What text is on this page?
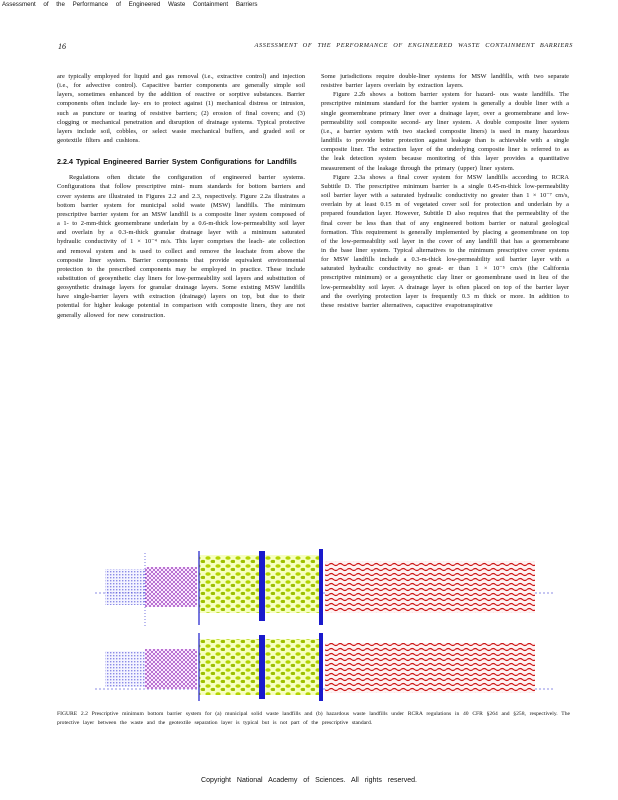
Assessment of the Performance of Engineered Waste Containment Barriers
16	ASSESSMENT OF THE PERFORMANCE OF ENGINEERED WASTE CONTAINMENT BARRIERS

are typically employed for liquid and gas removal (i.e., extractive control) and injection (i.e., for advective control). Capacitive barrier components are generally simple soil layers, sometimes enhanced by the addition of reactive or sorptive substances. Barrier components often include lay- ers to protect against (1) mechanical distress or intrusion, such as puncture or tearing of resistive barriers; (2) erosion of final covers; and (3) clogging or mechanical penetration and disruption of drainage systems. Typical protective layers include soil, cobbles, or select waste mechanical buffers, and graded soil or geotextile filters and cushions.

2.2.4 Typical Engineered Barrier System Configurations for Landfills

Regulations often dictate the configuration of engineered barrier systems. Configurations that follow prescriptive mini- mum standards for bottom barriers and cover systems are illustrated in Figures 2.2 and 2.3, respectively. Figure 2.2a illustrates a bottom barrier system for municipal solid waste (MSW) landfills. The minimum prescriptive barrier system for an MSW landfill is a composite liner system composed of a 1- to 2-mm-thick geomembrane underlain by a 0.6-m-thick low-permeability soil layer and overlain by a 0.3-m-thick granular drainage layer with a minimum saturated hydraulic conductivity of 1 × 10⁻⁴ m/s. This layer comprises the leach- ate collection and removal system and is used to collect and remove the leachate from above the composite liner system. Barrier components that provide equivalent environmental protection to the prescribed components may be employed in practice. These include substitution of geosynthetic clay liners for low-permeability soil layers and substitution of geosynthetic drainage layers for granular drainage layers. Some existing MSW landfills have single-barrier layers with extraction (drainage) layers on top, but due to their potential for higher leakage potential in comparison with composite liners, they are not generally allowed for new construction.

Some jurisdictions require double-liner systems for MSW landfills, with two separate resistive barrier layers overlain by extraction layers.

Figure 2.2b shows a bottom barrier system for hazard- ous waste landfills. The prescriptive minimum standard for the barrier system is generally a double liner with a single geomembrane primary liner over a drainage layer, over a geomembrane and low-permeability soil composite second- ary liner system. A double composite liner system (i.e., a barrier system with two stacked composite liners) is used in many hazardous landfills to provide better protection against leakage than is achievable with a single composite liner. The extraction layer of the underlying composite liner is referred to as the leak detection system because monitoring of this layer provides a quantitative measurement of the leakage through the primary (upper) liner system.

Figure 2.3a shows a final cover system for MSW landfills according to RCRA Subtitle D. The prescriptive minimum barrier is a single 0.45-m-thick low-permeability soil barrier layer with a saturated hydraulic conductivity no greater than 1 × 10⁻⁷ cm/s, overlain by at least 0.15 m of vegetated cover soil for protection and underlain by a prepared foundation layer. However, Subtitle D also requires that the permeability of the final cover be less than that of any engineered bottom barrier or natural geological formation. This requirement is generally implemented by placing a geomembrane on top of the low-permeability soil layer in the cover of any landfill that has a geomembrane in the base liner system. Typical alternatives to the minimum prescriptive cover systems for MSW landfills include a 0.3-m-thick low-permeability soil barrier layer with a saturated hydraulic conductivity no great- er than 1 × 10⁻⁵ cm/s (the California prescriptive minimum) or a geosynthetic clay liner or geomembrane used in lieu of the low-permeability soil layer. A drainage layer is often placed on top of the barrier layer and the overlying protection layer is frequently 0.3 m thick or more. In addition to these resistive barrier alternatives, capacitive evapotranspirative

FIGURE 2.2 Prescriptive minimum bottom barrier system for (a) municipal solid waste landfills and (b) hazardous waste landfills under RCRA regulations in 40 CFR §264 and §258, respectively. The protective layer between the waste and the geotextile separation layer is typical but is not part of the prescriptive standard.
Copyright National Academy of Sciences. All rights reserved.
